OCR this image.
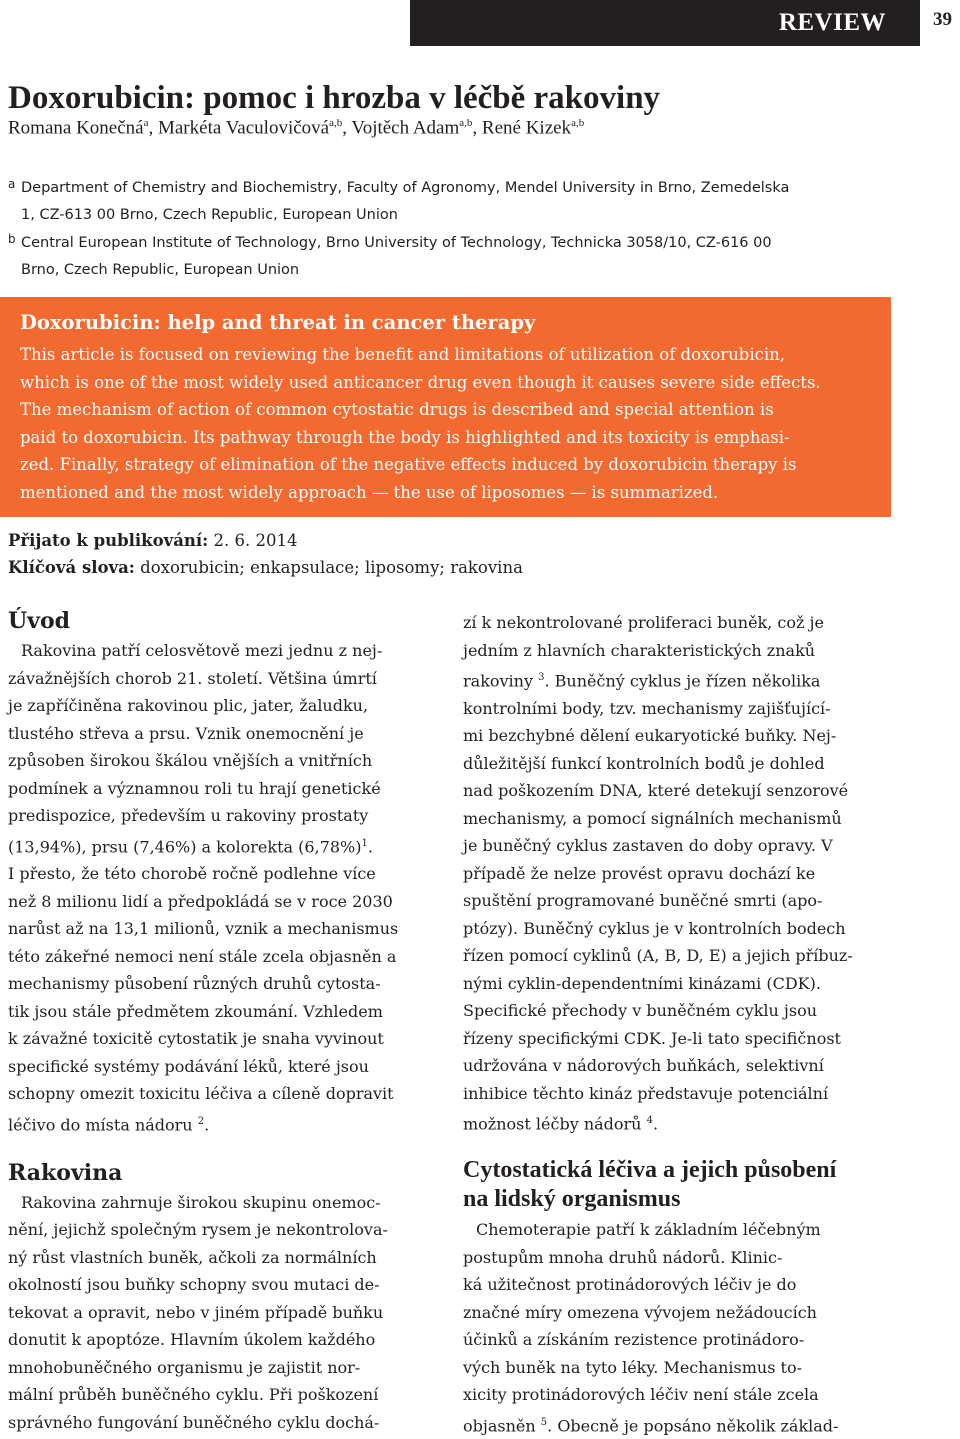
REVIEW 39
Doxorubicin: pomoc i hrozba v léčbě rakoviny
Romana Konečná$^a$, Markéta Vaculovičová$^{a,b}$, Vojtěch Adam$^{a,b}$, René Kizek$^{a,b}$
a Department of Chemistry and Biochemistry, Faculty of Agronomy, Mendel University in Brno, Zemedelska
1, CZ-613 00 Brno, Czech Republic, European Union
b Central European Institute of Technology, Brno University of Technology, Technicka 3058/10, CZ-616 00
Brno, Czech Republic, European Union
Doxorubicin: help and threat in cancer therapy
This article is focused on reviewing the benefit and limitations of utilization of doxorubicin,
which is one of the most widely used anticancer drug even though it causes severe side effects.
The mechanism of action of common cytostatic drugs is described and special attention is
paid to doxorubicin. Its pathway through the body is highlighted and its toxicity is emphasi-
zed. Finally, strategy of elimination of the negative effects induced by doxorubicin therapy is
mentioned and the most widely approach — the use of liposomes — is summarized.
Přijato k publikování: 2. 6. 2014
Klíčová slova: doxorubicin; enkapsulace; liposomy; rakovina
Úvod
Rakovina patří celosvětově mezi jednu z nej-
závažnějších chorob 21. století. Většina úmrtí
je zapříčiněna rakovinou plic, jater, žaludku,
tlustého střeva a prsu. Vznik onemocnění je
způsoben širokou škálou vnějších a vnitřních
podmínek a významnou roli tu hrají genetické
predispozice, především u rakoviny prostaty
(13,94%), prsu (7,46%) a kolorekta $(6,78\%)^1$.
I přesto, že této chorobě ročně podlehne více
než 8 milionu lidí a předpokládá se v roce 2030
narůst až na 13,1 milionů, vznik a mechanismus
této zákeřné nemoci není stále zcela objasněn a
mechanismy působení různých druhů cytosta-
tik jsou stále předmětem zkoumání. Vzhledem
k závažné toxicitě cytostatik je snaha vyvinout
specifické systémy podávání léků, které jsou
schopny omezit toxicitu léčiva a cíleně dopravit
léčivo do místa nádoru $^2$.
Rakovina
Rakovina zahrnuje širokou skupinu onemoc-
nění, jejichž společným rysem je nekontrolova-
ný růst vlastních buněk, ačkoli za normálních
okolností jsou buňky schopny svou mutaci de-
tekovat a opravit, nebo v jiném případě buňku
donutit k apoptóze. Hlavním úkolem každého
mnohobuněčného organismu je zajistit nor-
mální průběh buněčného cyklu. Při poškození
správného fungování buněčného cyklu dochá-
zí k nekontrolované proliferaci buněk, což je
jedním z hlavních charakteristických znaků
rakoviny $^3$. Buněčný cyklus je řízen několika
kontrolními body, tzv. mechanismy zajišťující-
mi bezchybné dělení eukaryotické buňky. Nej-
důležitější funkcí kontrolních bodů je dohled
nad poškozením DNA, které detekují senzorové
mechanismy, a pomocí signálních mechanismů
je buněčný cyklus zastaven do doby opravy. V
případě že nelze provést opravu dochází ke
spuštění programované buněčné smrti (apo-
ptózy). Buněčný cyklus je v kontrolních bodech
řízen pomocí cyklinů (A, B, D, E) a jejich příbuz-
nými cyklin-dependentními kinázami (CDK).
Specifické přechody v buněčném cyklu jsou
řízeny specifickými CDK. Je-li tato specifičnost
udržována v nádorových buňkách, selektivní
inhibice těchto kináz představuje potenciální
možnost léčby nádorů $^4$.
Cytostatická léčiva a jejich působení
na lidský organismus
Chemoterapie patří k základním léčebným
postupům mnoha druhů nádorů. Klinic-
ká užitečnost protinádorových léčiv je do
značné míry omezena vývojem nežádoucích
účinků a získáním rezistence protinádoro-
vých buněk na tyto léky. Mechanismus to-
xicity protinádorových léčiv není stále zcela
objasněn $^5$. Obecně je popsáno několik základ-
